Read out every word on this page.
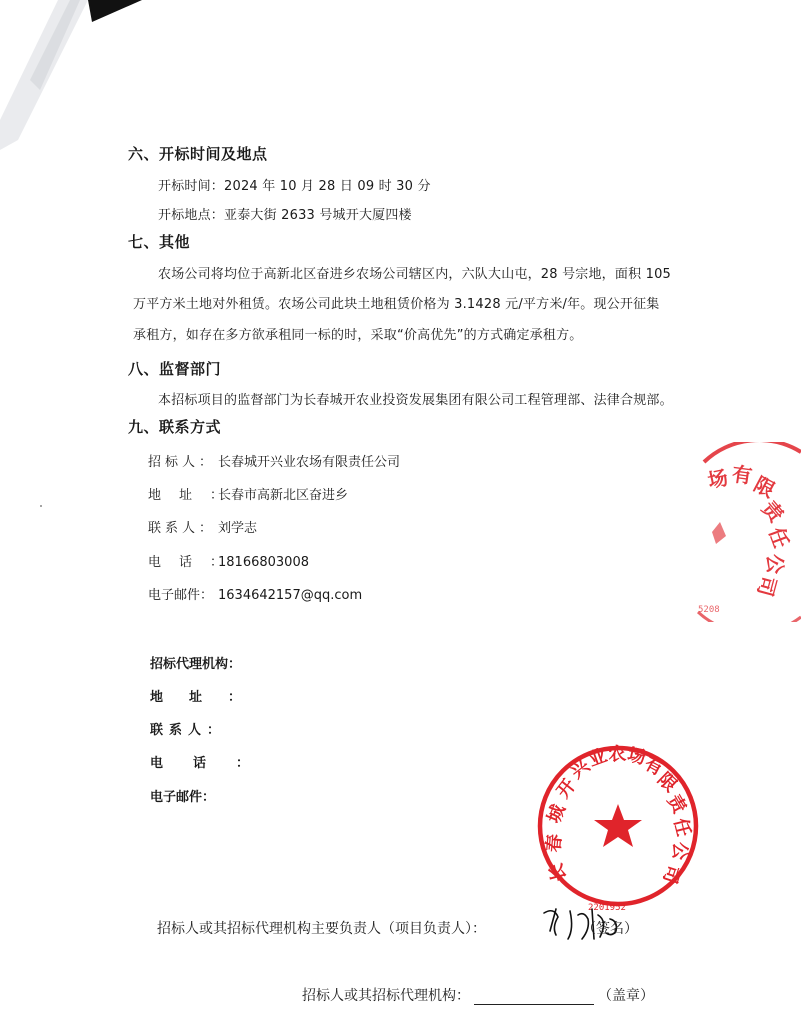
六、开标时间及地点
开标时间：2024 年 10 月 28 日 09 时 30 分
开标地点：亚泰大街 2633 号城开大厦四楼
七、其他
农场公司将均位于高新北区奋进乡农场公司辖区内，六队大山屯，28 号宗地，面积 105
万平方米土地对外租赁。农场公司此块土地租赁价格为 3.1428 元/平方米/年。现公开征集
承租方，如存在多方欲承租同一标的时，采取“价高优先”的方式确定承租方。
八、监督部门
本招标项目的监督部门为长春城开农业投资发展集团有限公司工程管理部、法律合规部。
九、联系方式
招标人： 长春城开兴业农场有限责任公司
地址：长春市高新北区奋进乡
联系人： 刘学志
电话：18166803008
电子邮件： 1634642157@qq.com
招标代理机构：
地址：
联系人：
电话：
电子邮件：
场 有
限
责
任
公
司
5208
长
春
城
开
兴
业
农
场
有
限
责
任
公
司
2201952
招标人或其招标代理机构主要负责人（项目负责人）：	（签名）
招标人或其招标代理机构：	（盖章）
